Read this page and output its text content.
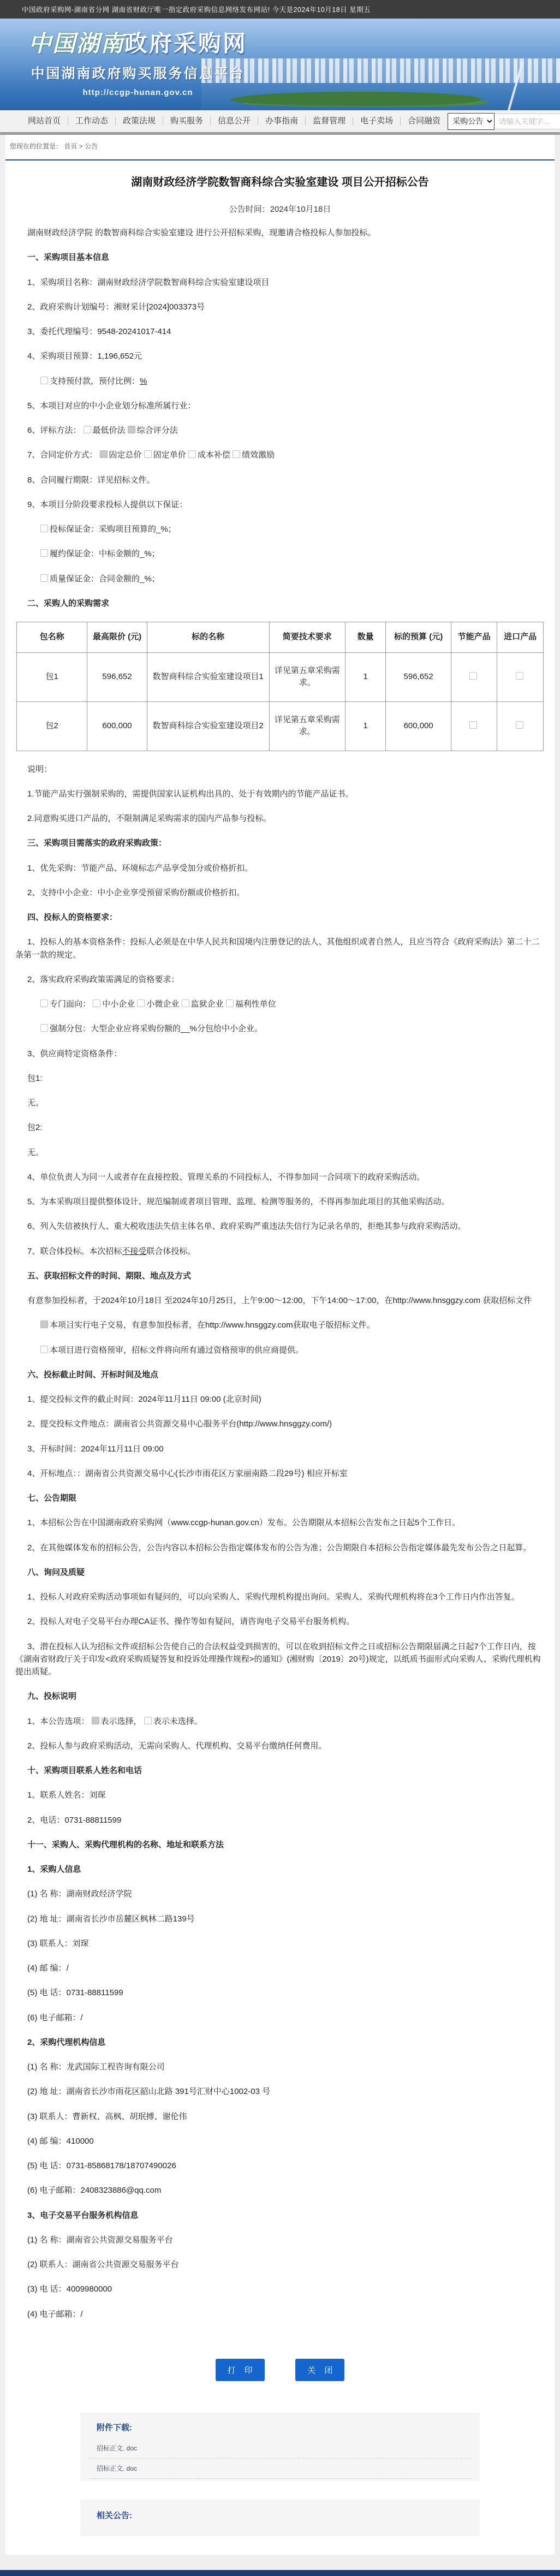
中国政府采购网-湖南省分网 湖南省财政厅唯一指定政府采购信息网络发布网站! 今天是2024年10月18日 星期五
中国湖南政府采购网
中国湖南政府购买服务信息平台
http://ccgp-hunan.gov.cn
网站首页	工作动态	政策法规	购买服务	信息公开	办事指南	监督管理	电子卖场	合同融资
采购公告
请输入关键字...
您现在的位置是： 首页 > 公告
湖南财政经济学院数智商科综合实验室建设 项目公开招标公告
公告时间：2024年10月18日
湖南财政经济学院 的数智商科综合实验室建设 进行公开招标采购，现邀请合格投标人参加投标。
一、采购项目基本信息
1、采购项目名称：湖南财政经济学院数智商科综合实验室建设项目
2、政府采购计划编号：湘财采计[2024]003373号
3、委托代理编号：9548-20241017-414
4、采购项目预算：1,196,652元
支持预付款，预付比例：%
5、本项目对应的中小企业划分标准所属行业：
6、评标方法： 最低价法 ✓ 综合评分法
7、合同定价方式： ✓ 固定总价 固定单价 成本补偿 绩效激励
8、合同履行期限：详见招标文件。
9、本项目分阶段要求投标人提供以下保证：
投标保证金：采购项目预算的_%；
履约保证金：中标金额的_%；
质量保证金：合同金额的_%；
二、采购人的采购需求
包名称	最高限价 (元)	标的名称	简要技术要求	数量	标的预算 (元)	节能产品	进口产品
包1	596,652	数智商科综合实验室建设项目1	详见第五章采购需求。	1	596,652		
包2	600,000	数智商科综合实验室建设项目2	详见第五章采购需求。	1	600,000		
说明：
1.节能产品实行强制采购的，需提供国家认证机构出具的、处于有效期内的节能产品证书。
2.同意购买进口产品的，不限制满足采购需求的国内产品参与投标。
三、采购项目需落实的政府采购政策：
1、优先采购：节能产品、环境标志产品享受加分或价格折扣。
2、支持中小企业：中小企业享受预留采购份额或价格折扣。
四、投标人的资格要求：
1、投标人的基本资格条件：投标人必须是在中华人民共和国境内注册登记的法人、其他组织或者自然人，且应当符合《政府采购法》第二十二条第一款的规定。
2、落实政府采购政策需满足的资格要求：
专门面向： 中小企业 小微企业 监狱企业 福利性单位
强制分包：大型企业应将采购份额的__%分包给中小企业。
3、供应商特定资格条件：
包1:
无。
包2:
无。
4、单位负责人为同一人或者存在直接控股、管理关系的不同投标人，不得参加同一合同项下的政府采购活动。
5、为本采购项目提供整体设计、规范编制或者项目管理、监理、检测等服务的，不得再参加此项目的其他采购活动。
6、列入失信被执行人、重大税收违法失信主体名单、政府采购严重违法失信行为记录名单的，拒绝其参与政府采购活动。
7、联合体投标。本次招标不接受联合体投标。
五、获取招标文件的时间、期限、地点及方式
有意参加投标者，于2024年10月18日 至2024年10月25日，上午9:00～12:00，下午14:00～17:00，在http://www.hnsggzy.com 获取招标文件
✓本项目实行电子交易，有意参加投标者，在http://www.hnsggzy.com获取电子版招标文件。
本项目进行资格预审，招标文件将向所有通过资格预审的供应商提供。
六、投标截止时间、开标时间及地点
1、提交投标文件的截止时间：2024年11月11日 09:00 (北京时间)
2、提交投标文件地点：湖南省公共资源交易中心服务平台(http://www.hnsggzy.com/)
3、开标时间：2024年11月11日 09:00
4、开标地点：：湖南省公共资源交易中心(长沙市雨花区万家丽南路二段29号) 相应开标室
七、公告期限
1、本招标公告在中国湖南政府采购网（www.ccgp-hunan.gov.cn）发布。公告期限从本招标公告发布之日起5个工作日。
2、在其他媒体发布的招标公告，公告内容以本招标公告指定媒体发布的公告为准；公告期限自本招标公告指定媒体最先发布公告之日起算。
八、询问及质疑
1、投标人对政府采购活动事项如有疑问的，可以向采购人、采购代理机构提出询问。采购人、采购代理机构将在3个工作日内作出答复。
2、投标人对电子交易平台办理CA证书、操作等如有疑问，请咨询电子交易平台服务机构。
3、潜在投标人认为招标文件或招标公告使自己的合法权益受到损害的，可以在收到招标文件之日或招标公告期限届满之日起7个工作日内，按《湖南省财政厅关于印发<政府采购质疑答复和投诉处理操作规程>的通知》(湘财购〔2019〕20号)规定，以纸质书面形式向采购人、采购代理机构提出质疑。
九、投标说明
1、本公告选项： ✓ 表示选择， 表示未选择。
2、投标人参与政府采购活动，无需向采购人、代理机构、交易平台缴纳任何费用。
十、采购项目联系人姓名和电话
1、联系人姓名：刘琛
2、电话：0731-88811599
十一、采购人、采购代理机构的名称、地址和联系方法
1、采购人信息
(1) 名 称：湖南财政经济学院
(2) 地 址：湖南省长沙市岳麓区枫林二路139号
(3) 联系人：刘琛
(4) 邮 编：/
(5) 电 话：0731-88811599
(6) 电子邮箱：/
2、采购代理机构信息
(1) 名 称：龙武国际工程咨询有限公司
(2) 地 址：湖南省长沙市雨花区韶山北路 391号汇财中心1002-03 号
(3) 联系人：曹新权、高枫、胡珉搏、谢伦伟
(4) 邮 编：410000
(5) 电 话：0731-85868178/18707490026
(6) 电子邮箱：2408323886@qq.com
3、电子交易平台服务机构信息
(1) 名 称：湖南省公共资源交易服务平台
(2) 联系人：湖南省公共资源交易服务平台
(3) 电 话：4009980000
(4) 电子邮箱：/
打 印	关 闭
附件下载:
招标正文. doc
招标正文. doc
相关公告:
